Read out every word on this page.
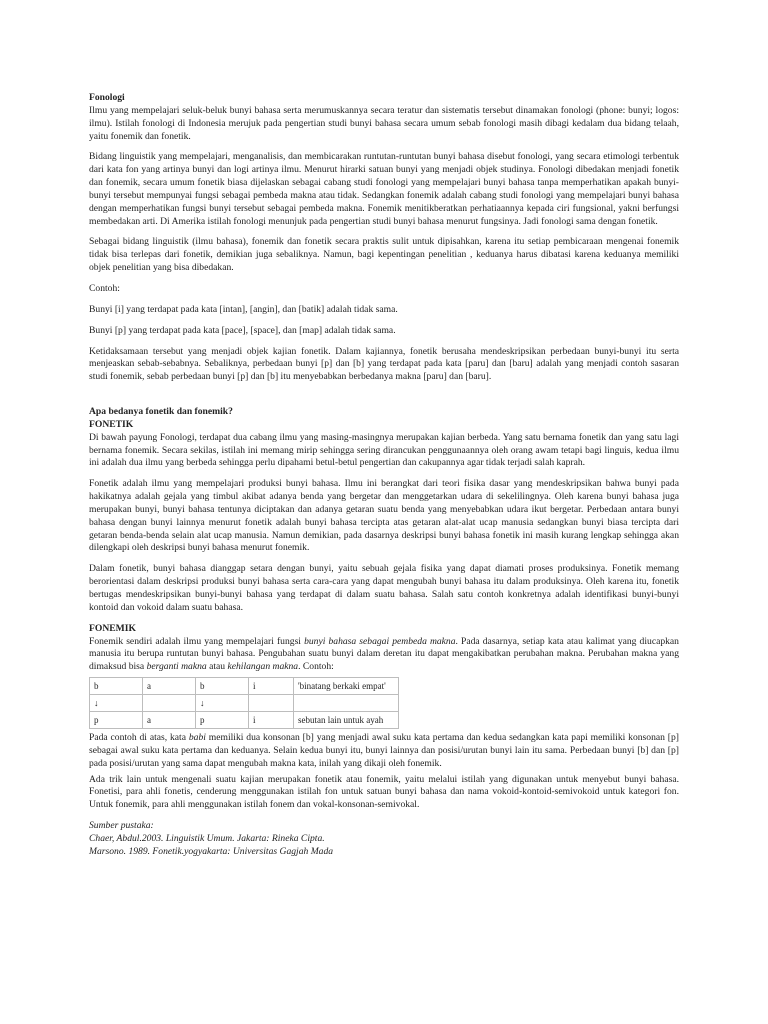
Fonologi

Ilmu yang mempelajari seluk-beluk bunyi bahasa serta merumuskannya secara teratur dan sistematis tersebut dinamakan fonologi (phone: bunyi; logos: ilmu). Istilah fonologi di Indonesia merujuk pada pengertian studi bunyi bahasa secara umum sebab fonologi masih dibagi kedalam dua bidang telaah, yaitu fonemik dan fonetik.

Bidang linguistik yang mempelajari, menganalisis, dan membicarakan runtutan-runtutan bunyi bahasa disebut fonologi, yang secara etimologi terbentuk dari kata fon yang artinya bunyi dan logi artinya ilmu. Menurut hirarki satuan bunyi yang menjadi objek studinya. Fonologi dibedakan menjadi fonetik dan fonemik, secara umum fonetik biasa dijelaskan sebagai cabang studi fonologi yang mempelajari bunyi bahasa tanpa memperhatikan apakah bunyi-bunyi tersebut mempunyai fungsi sebagai pembeda makna atau tidak. Sedangkan fonemik adalah cabang studi fonologi yang mempelajari bunyi bahasa dengan memperhatikan fungsi bunyi tersebut sebagai pembeda makna. Fonemik menitikberatkan perhatiaannya kepada ciri fungsional, yakni berfungsi membedakan arti. Di Amerika istilah fonologi menunjuk pada pengertian studi bunyi bahasa menurut fungsinya. Jadi fonologi sama dengan fonetik.

Sebagai bidang linguistik (ilmu bahasa), fonemik dan fonetik secara praktis sulit untuk dipisahkan, karena itu setiap pembicaraan mengenai fonemik tidak bisa terlepas dari fonetik, demikian juga sebaliknya. Namun, bagi kepentingan penelitian , keduanya harus dibatasi karena keduanya memiliki objek penelitian yang bisa dibedakan.

Contoh:

Bunyi [i] yang terdapat pada kata [intan], [angin], dan [batik] adalah tidak sama.

Bunyi [p] yang terdapat pada kata [pace], [space], dan [map] adalah tidak sama.

Ketidaksamaan tersebut yang menjadi objek kajian fonetik. Dalam kajiannya, fonetik berusaha mendeskripsikan perbedaan bunyi-bunyi itu serta menjeaskan sebab-sebabnya. Sebaliknya, perbedaan bunyi [p] dan [b] yang terdapat pada kata [paru] dan [baru] adalah yang menjadi contoh sasaran studi fonemik, sebab perbedaan bunyi [p] dan [b] itu menyebabkan berbedanya makna [paru] dan [baru].

Apa bedanya fonetik dan fonemik?

FONETIK

Di bawah payung Fonologi, terdapat dua cabang ilmu yang masing-masingnya merupakan kajian berbeda. Yang satu bernama fonetik dan yang satu lagi bernama fonemik. Secara sekilas, istilah ini memang mirip sehingga sering dirancukan penggunaannya oleh orang awam tetapi bagi linguis, kedua ilmu ini adalah dua ilmu yang berbeda sehingga perlu dipahami betul-betul pengertian dan cakupannya agar tidak terjadi salah kaprah.

Fonetik adalah ilmu yang mempelajari produksi bunyi bahasa. Ilmu ini berangkat dari teori fisika dasar yang mendeskripsikan bahwa bunyi pada hakikatnya adalah gejala yang timbul akibat adanya benda yang bergetar dan menggetarkan udara di sekelilingnya. Oleh karena bunyi bahasa juga merupakan bunyi, bunyi bahasa tentunya diciptakan dan adanya getaran suatu benda yang menyebabkan udara ikut bergetar. Perbedaan antara bunyi bahasa dengan bunyi lainnya menurut fonetik adalah bunyi bahasa tercipta atas getaran alat-alat ucap manusia sedangkan bunyi biasa tercipta dari getaran benda-benda selain alat ucap manusia. Namun demikian, pada dasarnya deskripsi bunyi bahasa fonetik ini masih kurang lengkap sehingga akan dilengkapi oleh deskripsi bunyi bahasa menurut fonemik.

Dalam fonetik, bunyi bahasa dianggap setara dengan bunyi, yaitu sebuah gejala fisika yang dapat diamati proses produksinya. Fonetik memang berorientasi dalam deskripsi produksi bunyi bahasa serta cara-cara yang dapat mengubah bunyi bahasa itu dalam produksinya. Oleh karena itu, fonetik bertugas mendeskripsikan bunyi-bunyi bahasa yang terdapat di dalam suatu bahasa. Salah satu contoh konkretnya adalah identifikasi bunyi-bunyi kontoid dan vokoid dalam suatu bahasa.

FONEMIK

Fonemik sendiri adalah ilmu yang mempelajari fungsi bunyi bahasa sebagai pembeda makna. Pada dasarnya, setiap kata atau kalimat yang diucapkan manusia itu berupa runtutan bunyi bahasa. Pengubahan suatu bunyi dalam deretan itu dapat mengakibatkan perubahan makna. Perubahan makna yang dimaksud bisa berganti makna atau kehilangan makna. Contoh:

b	a	b	i	'binatang berkaki empat'
↓		↓		
p	a	p	i	sebutan lain untuk ayah

Pada contoh di atas, kata babi memiliki dua konsonan [b] yang menjadi awal suku kata pertama dan kedua sedangkan kata papi memiliki konsonan [p] sebagai awal suku kata pertama dan keduanya. Selain kedua bunyi itu, bunyi lainnya dan posisi/urutan bunyi lain itu sama. Perbedaan bunyi [b] dan [p] pada posisi/urutan yang sama dapat mengubah makna kata, inilah yang dikaji oleh fonemik.

Ada trik lain untuk mengenali suatu kajian merupakan fonetik atau fonemik, yaitu melalui istilah yang digunakan untuk menyebut bunyi bahasa. Fonetisi, para ahli fonetis, cenderung menggunakan istilah fon untuk satuan bunyi bahasa dan nama vokoid-kontoid-semivokoid untuk kategori fon. Untuk fonemik, para ahli menggunakan istilah fonem dan vokal-konsonan-semivokal.

Sumber pustaka:

Chaer, Abdul.2003. Linguistik Umum. Jakarta: Rineka Cipta.

Marsono. 1989. Fonetik.yogyakarta: Universitas Gagjah Mada
